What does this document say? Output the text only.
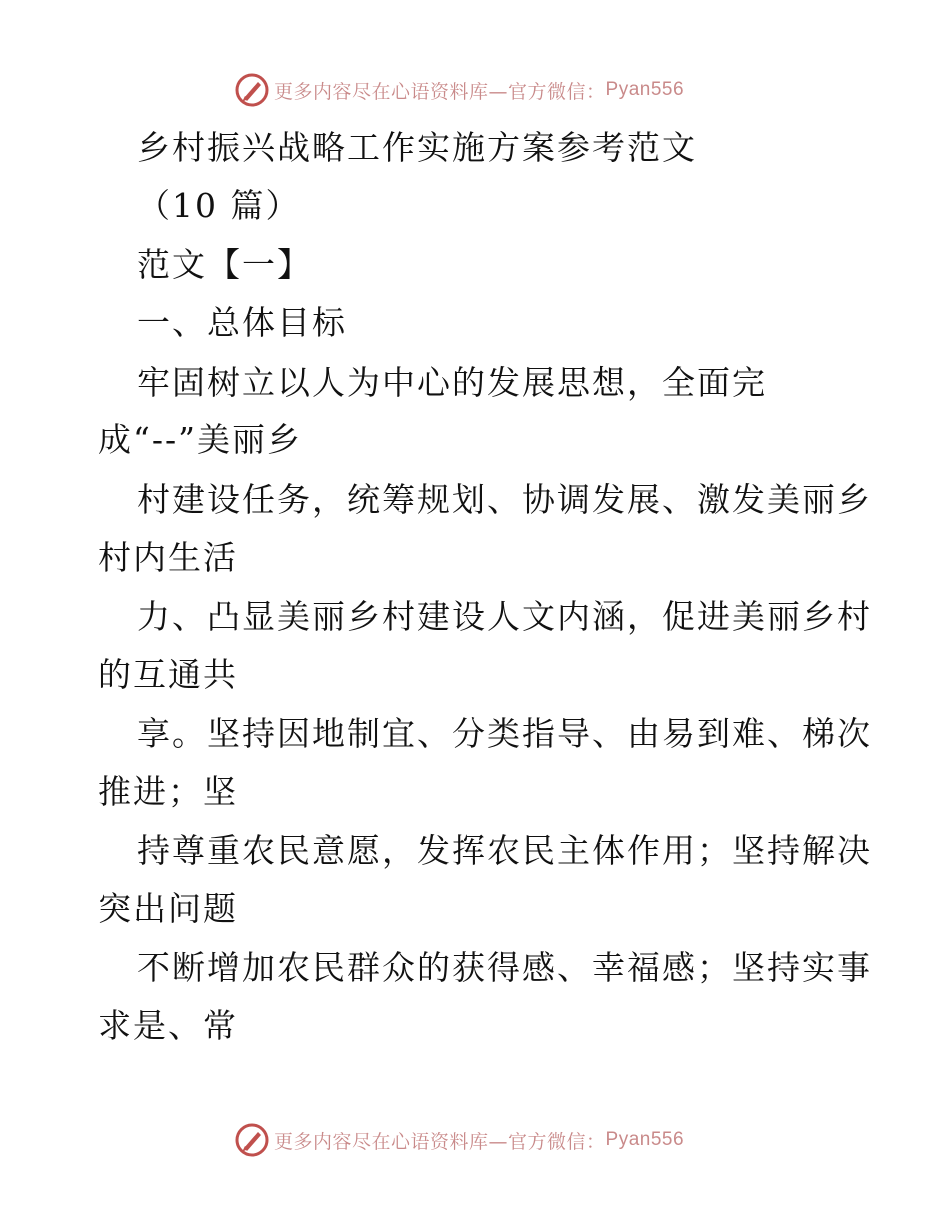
更多内容尽在心语资料库—官方微信： Pyan556

乡村振兴战略工作实施方案参考范文

（10 篇）

范文【一】

一、总体目标

牢固树立以人为中心的发展思想，全面完

成“--”美丽乡

村建设任务，统筹规划、协调发展、激发美丽乡

村内生活

力、凸显美丽乡村建设人文内涵，促进美丽乡村

的互通共

享。坚持因地制宜、分类指导、由易到难、梯次

推进；坚

持尊重农民意愿，发挥农民主体作用；坚持解决

突出问题

不断增加农民群众的获得感、幸福感；坚持实事

求是、常

更多内容尽在心语资料库—官方微信： Pyan556
